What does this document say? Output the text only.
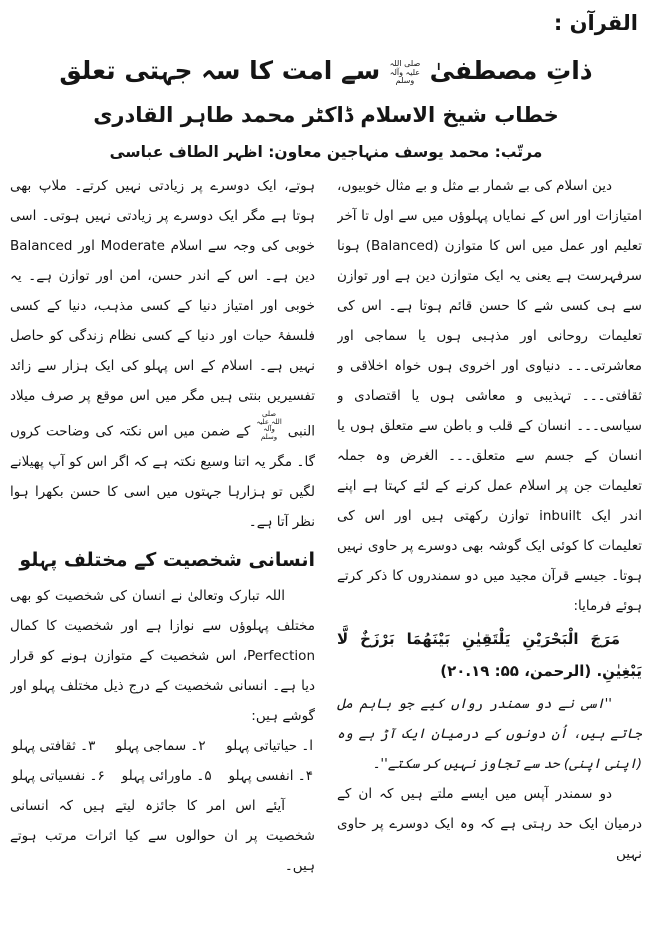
القرآن :
ذاتِ مصطفیٰ صلی اللہ علیہ وآلہ وسلم سے امت کا سہ جہتی تعلق
خطاب شیخ الاسلام ڈاکٹر محمد طاہر القادری
مرتّب: محمد یوسف منہاجین معاون: اظہر الطاف عباسی

دین اسلام کی بے شمار بے مثل و بے مثال خوبیوں، امتیازات اور اس کے نمایاں پہلوؤں میں سے اول تا آخر تعلیم اور عمل میں اس کا متوازن (Balanced) ہونا سرفہرست ہے یعنی یہ ایک متوازن دین ہے اور توازن سے ہی کسی شے کا حسن قائم ہوتا ہے۔ اس کی تعلیمات روحانی اور مذہبی ہوں یا سماجی اور معاشرتی۔۔۔ دنیاوی اور اخروی ہوں خواہ اخلاقی و ثقافتی۔۔۔ تہذیبی و معاشی ہوں یا اقتصادی و سیاسی۔۔۔ انسان کے قلب و باطن سے متعلق ہوں یا انسان کے جسم سے متعلق۔۔۔ الغرض وہ جملہ تعلیمات جن پر اسلام عمل کرنے کے لئے کہتا ہے اپنے اندر ایک inbuilt توازن رکھتی ہیں اور اس کی تعلیمات کا کوئی ایک گوشہ بھی دوسرے پر حاوی نہیں ہوتا۔ جیسے قرآن مجید میں دو سمندروں کا ذکر کرتے ہوئے فرمایا:

مَرَجَ الْبَحْرَيْنِ يَلْتَقِيٰنِ بَيْنَهُمَا بَرْزَخٌ لَّا يَبْغِيٰنِ. (الرحمن، ۵۵: ۲۰.۱۹)

''اسی نے دو سمندر رواں کیے جو باہم مل جاتے ہیں، اُن دونوں کے درمیان ایک آڑ ہے وہ (اپنی اپنی) حد سے تجاوز نہیں کر سکتے''۔

دو سمندر آپس میں ایسے ملتے ہیں کہ ان کے درمیان ایک حد رہتی ہے کہ وہ ایک دوسرے پر حاوی نہیں

ہوتے، ایک دوسرے پر زیادتی نہیں کرتے۔ ملاپ بھی ہوتا ہے مگر ایک دوسرے پر زیادتی نہیں ہوتی۔ اسی خوبی کی وجہ سے اسلام Moderate اور Balanced دین ہے۔ اس کے اندر حسن، امن اور توازن ہے۔ یہ خوبی اور امتیاز دنیا کے کسی مذہب، دنیا کے کسی فلسفۂ حیات اور دنیا کے کسی نظام زندگی کو حاصل نہیں ہے۔ اسلام کے اس پہلو کی ایک ہزار سے زائد تفسیریں بنتی ہیں مگر میں اس موقع پر صرف میلاد النبی صلی اللہ علیہ وآلہ وسلم کے ضمن میں اس نکتہ کی وضاحت کروں گا۔ مگر یہ اتنا وسیع نکتہ ہے کہ اگر اس کو آپ پھیلانے لگیں تو ہزارہا جہتوں میں اسی کا حسن بکھرا ہوا نظر آتا ہے۔

انسانی شخصیت کے مختلف پہلو

اللہ تبارک وتعالیٰ نے انسان کی شخصیت کو بھی مختلف پہلوؤں سے نوازا ہے اور شخصیت کا کمال Perfection، اس شخصیت کے متوازن ہونے کو قرار دیا ہے۔ انسانی شخصیت کے درج ذیل مختلف پہلو اور گوشے ہیں:

ا۔ حیاتیاتی پہلو
۲۔ سماجی پہلو
۳۔ ثقافتی پہلو
۴۔ انفسی پہلو
۵۔ ماورائی پہلو
۶۔ نفسیاتی پہلو

آیئے اس امر کا جائزہ لیتے ہیں کہ انسانی شخصیت پر ان حوالوں سے کیا اثرات مرتب ہوتے ہیں۔
